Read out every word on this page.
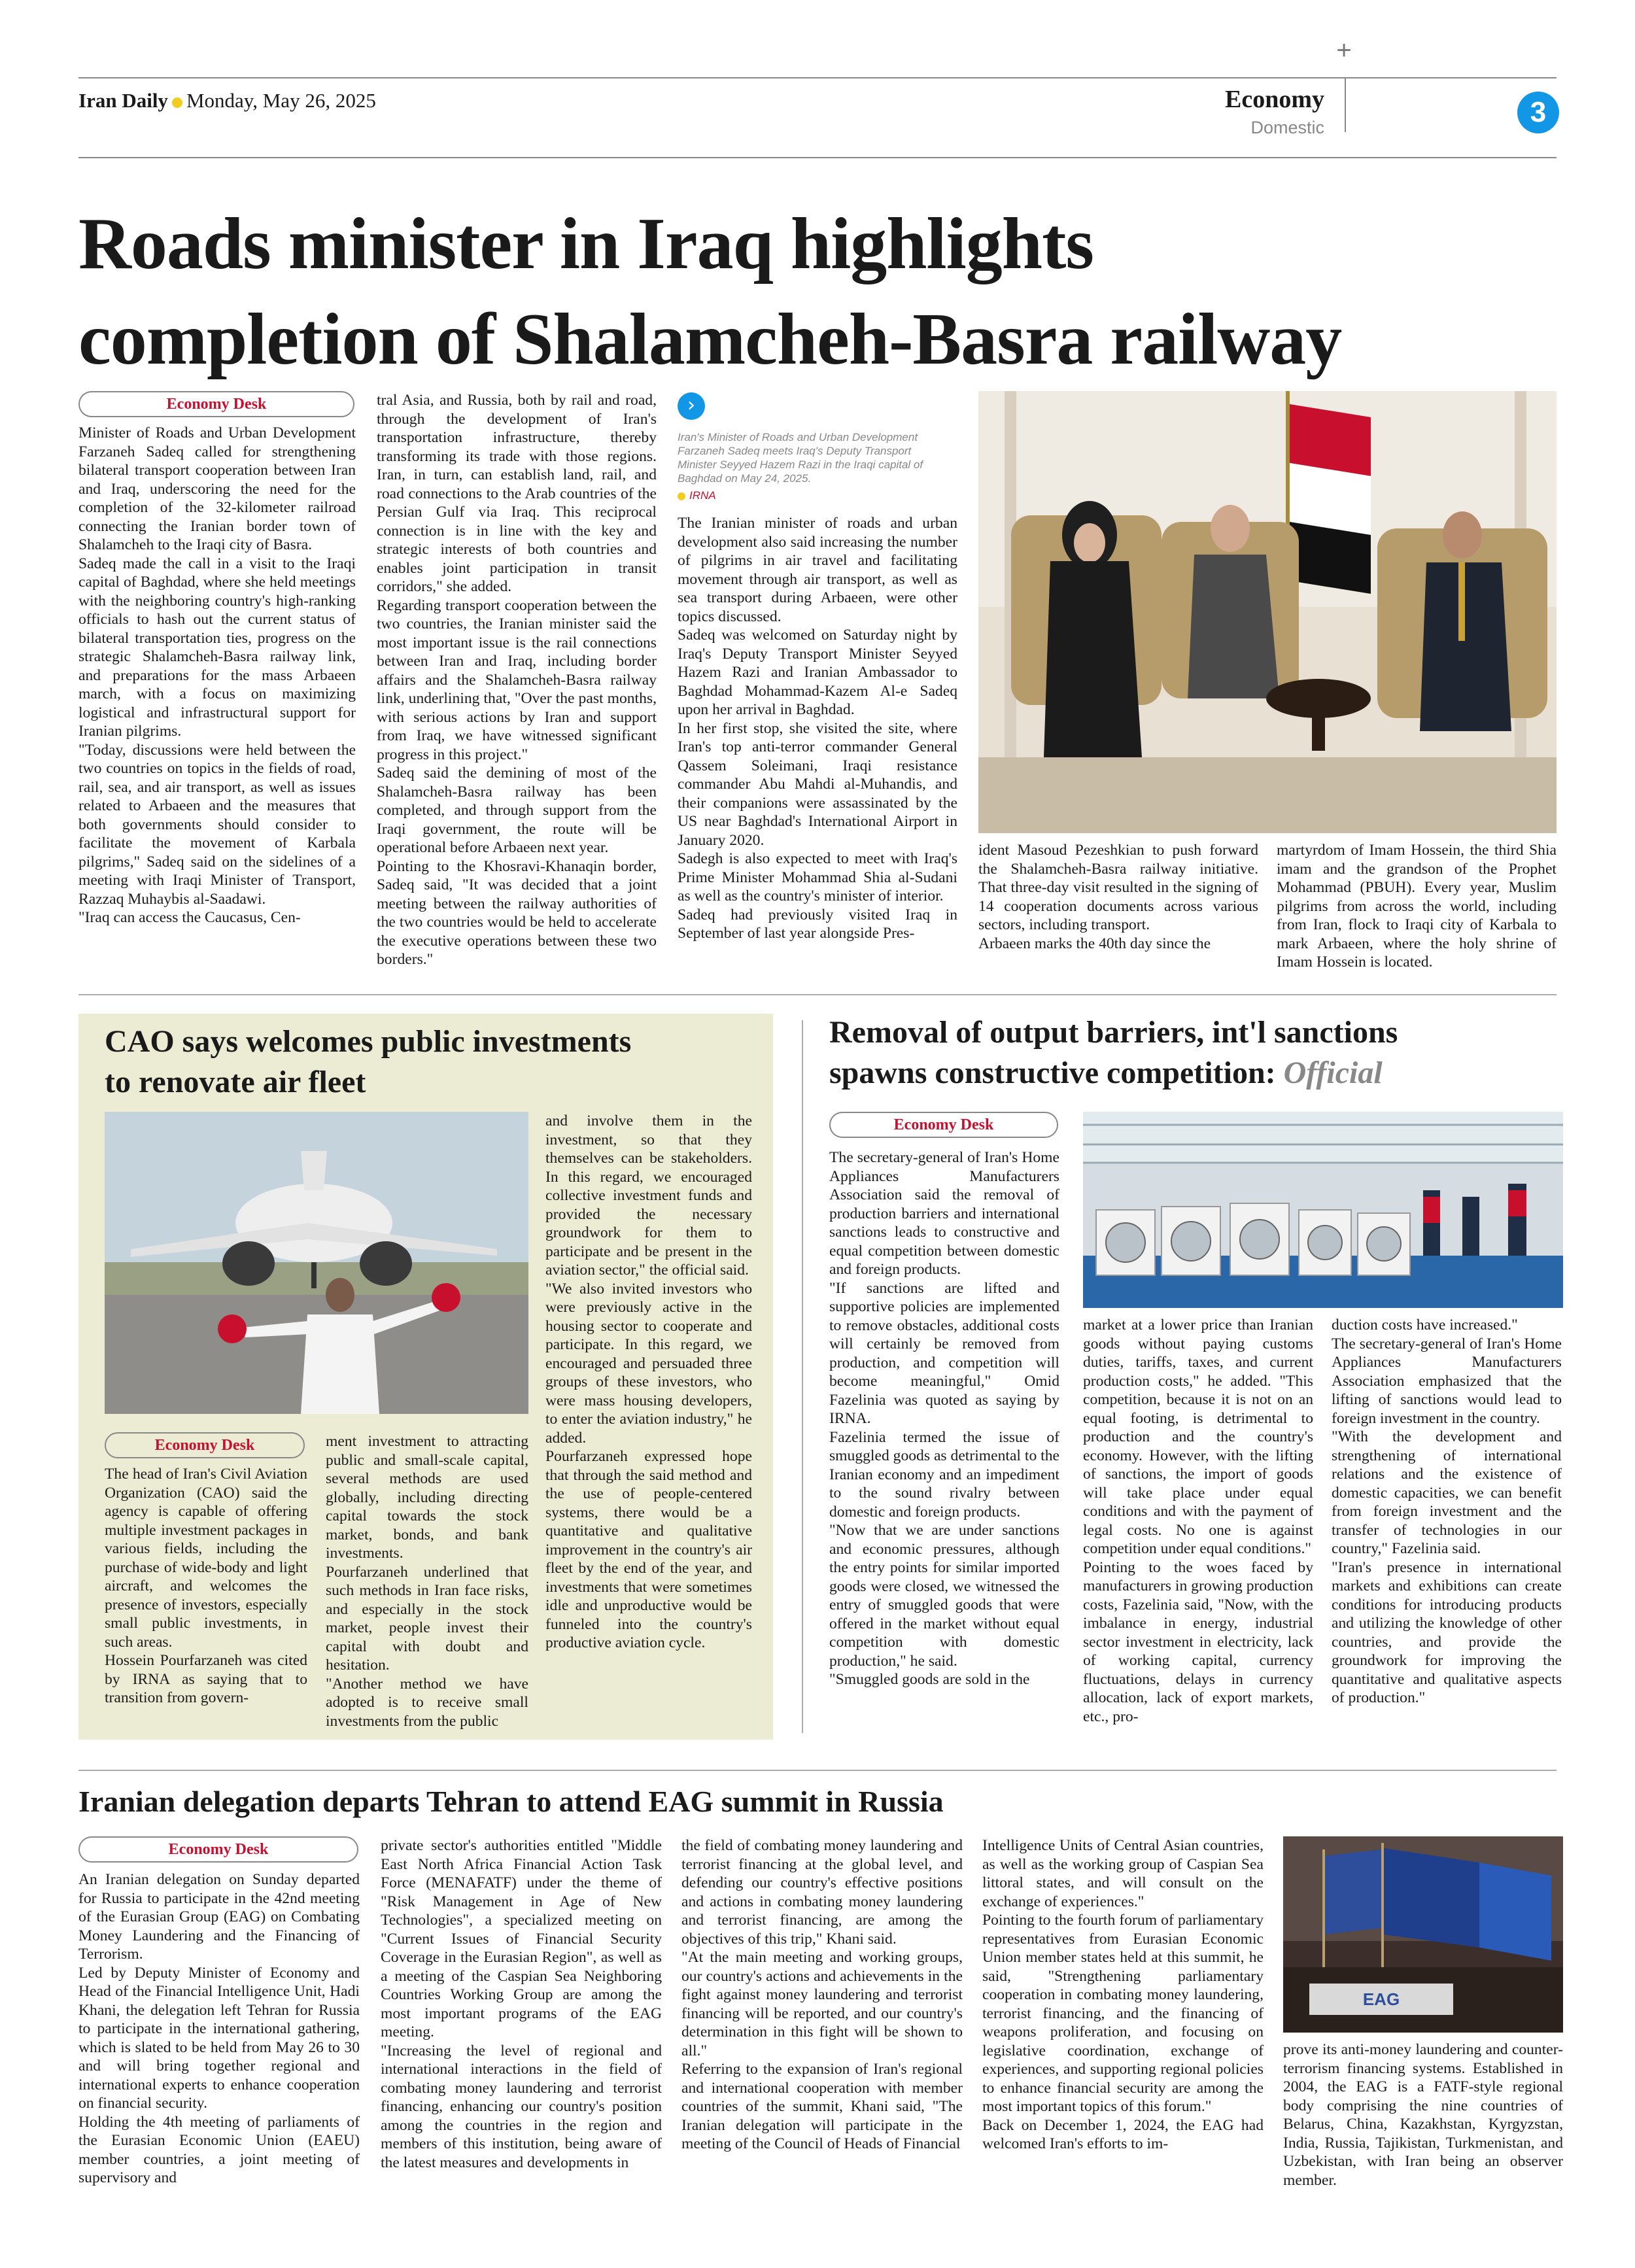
+
Iran Daily Monday, May 26, 2025	Economy
Domestic	3
Roads minister in Iraq highlights
completion of Shalamcheh-Basra railway
Economy Desk

Minister of Roads and Urban Development Farzaneh Sadeq called for strengthening bilateral transport cooperation between Iran and Iraq, underscoring the need for the completion of the 32-kilometer railroad connecting the Iranian border town of Shalamcheh to the Iraqi city of Basra.

Sadeq made the call in a visit to the Iraqi capital of Baghdad, where she held meetings with the neighboring country's high-ranking officials to hash out the current status of bilateral transportation ties, progress on the strategic Shalamcheh-Basra railway link, and preparations for the mass Arbaeen march, with a focus on maximizing logistical and infrastructural support for Iranian pilgrims.

"Today, discussions were held between the two countries on topics in the fields of road, rail, sea, and air transport, as well as issues related to Arbaeen and the measures that both governments should consider to facilitate the movement of Karbala pilgrims," Sadeq said on the sidelines of a meeting with Iraqi Minister of Transport, Razzaq Muhaybis al-Saadawi.

"Iraq can access the Caucasus, Cen-

tral Asia, and Russia, both by rail and road, through the development of Iran's transportation infrastructure, thereby transforming its trade with those regions. Iran, in turn, can establish land, rail, and road connections to the Arab countries of the Persian Gulf via Iraq. This reciprocal connection is in line with the key and strategic interests of both countries and enables joint participation in transit corridors," she added.

Regarding transport cooperation between the two countries, the Iranian minister said the most important issue is the rail connections between Iran and Iraq, including border affairs and the Shalamcheh-Basra railway link, underlining that, "Over the past months, with serious actions by Iran and support from Iraq, we have witnessed significant progress in this project."

Sadeq said the demining of most of the Shalamcheh-Basra railway has been completed, and through support from the Iraqi government, the route will be operational before Arbaeen next year.

Pointing to the Khosravi-Khanaqin border, Sadeq said, "It was decided that a joint meeting between the railway authorities of the two countries would be held to accelerate the executive operations between these two borders."

›
Iran's Minister of Roads and Urban Development Farzaneh Sadeq meets Iraq's Deputy Transport Minister Seyyed Hazem Razi in the Iraqi capital of Baghdad on May 24, 2025.
IRNA

The Iranian minister of roads and urban development also said increasing the number of pilgrims in air travel and facilitating movement through air transport, as well as sea transport during Arbaeen, were other topics discussed.

Sadeq was welcomed on Saturday night by Iraq's Deputy Transport Minister Seyyed Hazem Razi and Iranian Ambassador to Baghdad Mohammad-Kazem Al-e Sadeq upon her arrival in Baghdad.

In her first stop, she visited the site, where Iran's top anti-terror commander General Qassem Soleimani, Iraqi resistance commander Abu Mahdi al-Muhandis, and their companions were assassinated by the US near Baghdad's International Airport in January 2020.

Sadegh is also expected to meet with Iraq's Prime Minister Mohammad Shia al-Sudani as well as the country's minister of interior.

Sadeq had previously visited Iraq in September of last year alongside Pres-

ident Masoud Pezeshkian to push forward the Shalamcheh-Basra railway initiative. That three-day visit resulted in the signing of 14 cooperation documents across various sectors, including transport.

Arbaeen marks the 40th day since the

martyrdom of Imam Hossein, the third Shia imam and the grandson of the Prophet Mohammad (PBUH). Every year, Muslim pilgrims from across the world, including from Iran, flock to Iraqi city of Karbala to mark Arbaeen, where the holy shrine of Imam Hossein is located.
CAO says welcomes public investments
to renovate air fleet

and involve them in the investment, so that they themselves can be stakeholders. In this regard, we encouraged collective investment funds and provided the necessary groundwork for them to participate and be present in the aviation sector," the official said.

"We also invited investors who were previously active in the housing sector to cooperate and participate. In this regard, we encouraged and persuaded three groups of these investors, who were mass housing developers, to enter the aviation industry," he added.

Pourfarzaneh expressed hope that through the said method and the use of people-centered systems, there would be a quantitative and qualitative improvement in the country's air fleet by the end of the year, and investments that were sometimes idle and unproductive would be funneled into the country's productive aviation cycle.

Economy Desk

The head of Iran's Civil Aviation Organization (CAO) said the agency is capable of offering multiple investment packages in various fields, including the purchase of wide-body and light aircraft, and welcomes the presence of investors, especially small public investments, in such areas.

Hossein Pourfarzaneh was cited by IRNA as saying that to transition from govern-

ment investment to attracting public and small-scale capital, several methods are used globally, including directing capital towards the stock market, bonds, and bank investments.

Pourfarzaneh underlined that such methods in Iran face risks, and especially in the stock market, people invest their capital with doubt and hesitation.

"Another method we have adopted is to receive small investments from the public

Removal of output barriers, int'l sanctions
spawns constructive competition: Official
Economy Desk

The secretary-general of Iran's Home Appliances Manufacturers Association said the removal of production barriers and international sanctions leads to constructive and equal competition between domestic and foreign products.

"If sanctions are lifted and supportive policies are implemented to remove obstacles, additional costs will certainly be removed from production, and competition will become meaningful," Omid Fazelinia was quoted as saying by IRNA.

Fazelinia termed the issue of smuggled goods as detrimental to the Iranian economy and an impediment to the sound rivalry between domestic and foreign products.

"Now that we are under sanctions and economic pressures, although the entry points for similar imported goods were closed, we witnessed the entry of smuggled goods that were offered in the market without equal competition with domestic production," he said.

"Smuggled goods are sold in the

market at a lower price than Iranian goods without paying customs duties, tariffs, taxes, and current production costs," he added. "This competition, because it is not on an equal footing, is detrimental to production and the country's economy. However, with the lifting of sanctions, the import of goods will take place under equal conditions and with the payment of legal costs. No one is against competition under equal conditions."

Pointing to the woes faced by manufacturers in growing production costs, Fazelinia said, "Now, with the imbalance in energy, industrial sector investment in electricity, lack of working capital, currency fluctuations, delays in currency allocation, lack of export markets, etc., pro-

duction costs have increased."

The secretary-general of Iran's Home Appliances Manufacturers Association emphasized that the lifting of sanctions would lead to foreign investment in the country.

"With the development and strengthening of international relations and the existence of domestic capacities, we can benefit from foreign investment and the transfer of technologies in our country," Fazelinia said.

"Iran's presence in international markets and exhibitions can create conditions for introducing products and utilizing the knowledge of other countries, and provide the groundwork for improving the quantitative and qualitative aspects of production."

Iranian delegation departs Tehran to attend EAG summit in Russia
Economy Desk

An Iranian delegation on Sunday departed for Russia to participate in the 42nd meeting of the Eurasian Group (EAG) on Combating Money Laundering and the Financing of Terrorism.

Led by Deputy Minister of Economy and Head of the Financial Intelligence Unit, Hadi Khani, the delegation left Tehran for Russia to participate in the international gathering, which is slated to be held from May 26 to 30 and will bring together regional and international experts to enhance cooperation on financial security.

Holding the 4th meeting of parliaments of the Eurasian Economic Union (EAEU) member countries, a joint meeting of supervisory and

private sector's authorities entitled "Middle East North Africa Financial Action Task Force (MENAFATF) under the theme of "Risk Management in Age of New Technologies", a specialized meeting on "Current Issues of Financial Security Coverage in the Eurasian Region", as well as a meeting of the Caspian Sea Neighboring Countries Working Group are among the most important programs of the EAG meeting.

"Increasing the level of regional and international interactions in the field of combating money laundering and terrorist financing, enhancing our country's position among the countries in the region and members of this institution, being aware of the latest measures and developments in

the field of combating money laundering and terrorist financing at the global level, and defending our country's effective positions and actions in combating money laundering and terrorist financing, are among the objectives of this trip," Khani said.

"At the main meeting and working groups, our country's actions and achievements in the fight against money laundering and terrorist financing will be reported, and our country's determination in this fight will be shown to all."

Referring to the expansion of Iran's regional and international cooperation with member countries of the summit, Khani said, "The Iranian delegation will participate in the meeting of the Council of Heads of Financial

Intelligence Units of Central Asian countries, as well as the working group of Caspian Sea littoral states, and will consult on the exchange of experiences."

Pointing to the fourth forum of parliamentary representatives from Eurasian Economic Union member states held at this summit, he said, "Strengthening parliamentary cooperation in combating money laundering, terrorist financing, and the financing of weapons proliferation, and focusing on legislative coordination, exchange of experiences, and supporting regional policies to enhance financial security are among the most important topics of this forum."

Back on December 1, 2024, the EAG had welcomed Iran's efforts to im-

EAG
prove its anti-money laundering and counter-terrorism financing systems. Established in 2004, the EAG is a FATF-style regional body comprising the nine countries of Belarus, China, Kazakhstan, Kyrgyzstan, India, Russia, Tajikistan, Turkmenistan, and Uzbekistan, with Iran being an observer member.
